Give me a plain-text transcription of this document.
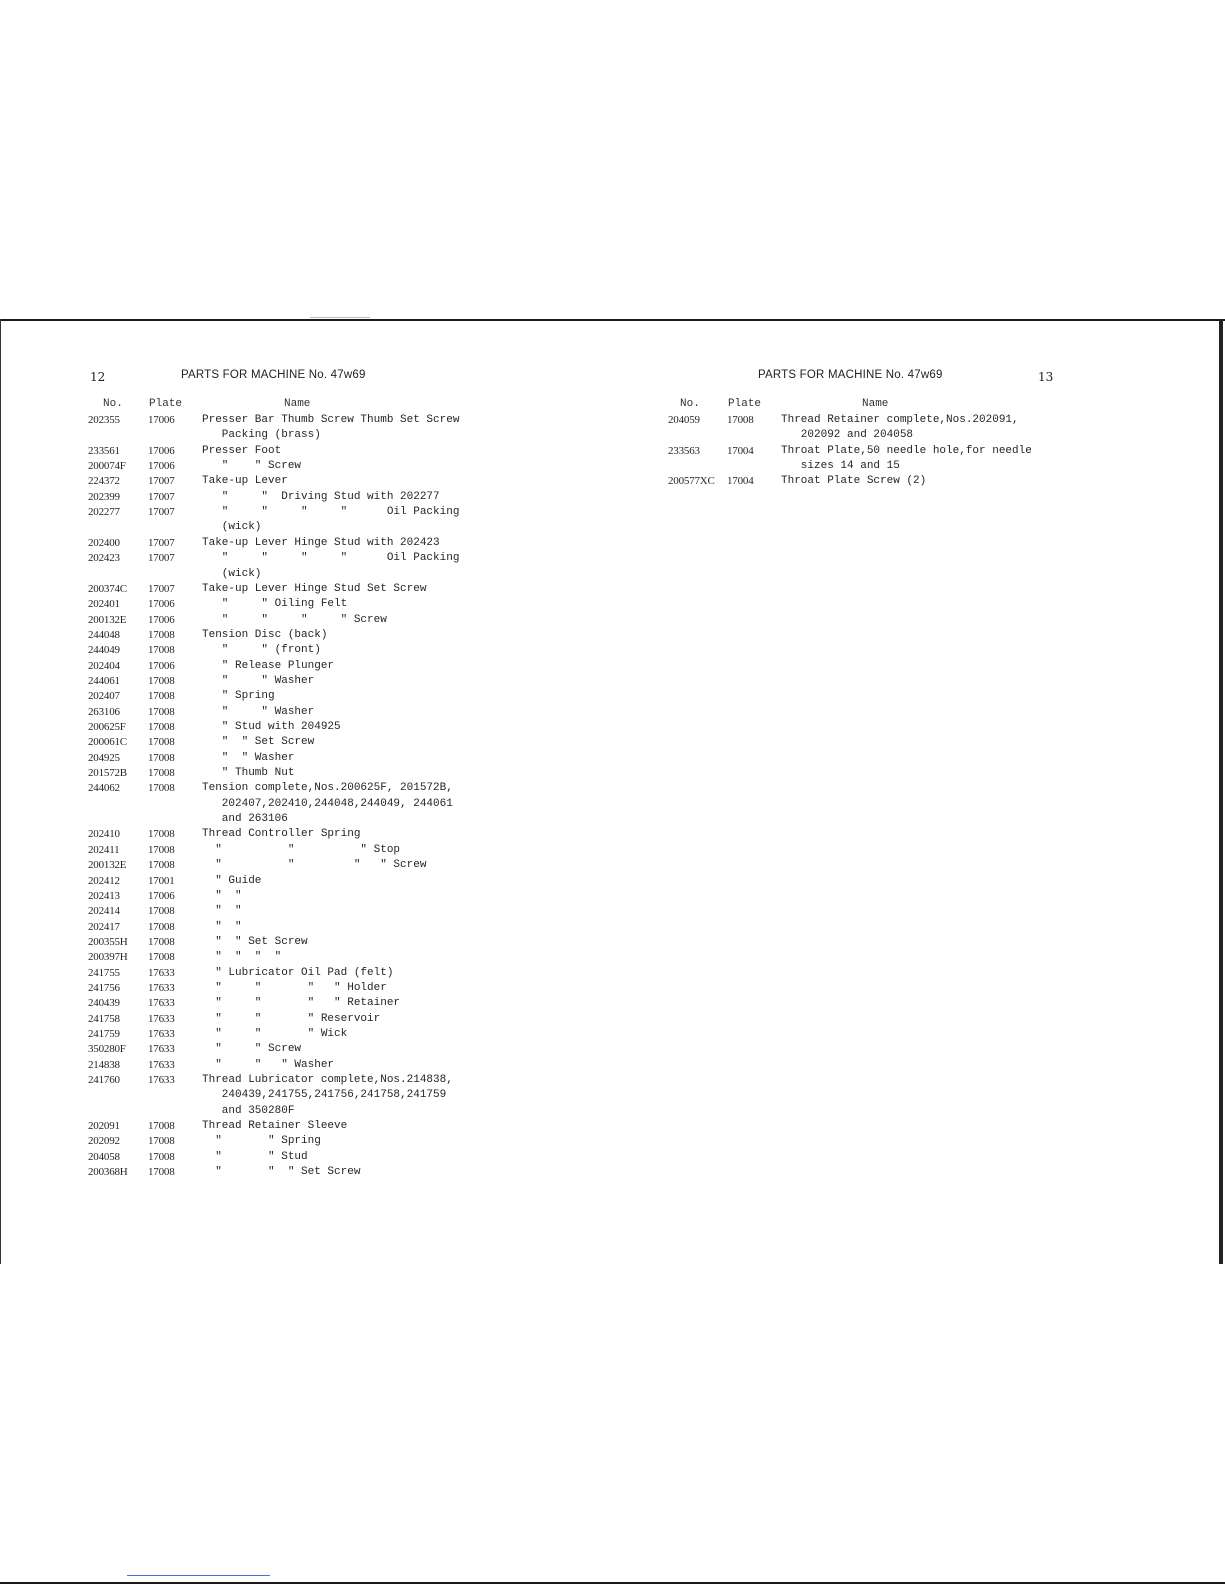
12	PARTS FOR MACHINE No. 47w69
No. Plate	Name
202355	17006 Presser Bar Thumb Screw Thumb Set Screw
Packing (brass)
233561	17006 Presser Foot
200074F 17006 "    " Screw
224372	17007 Take-up Lever
202399	17007 "     "  Driving Stud with 202277
202277	17007 "     "     "     "      Oil Packing
(wick)
202400	17007 Take-up Lever Hinge Stud with 202423
202423	17007 "     "     "     "      Oil Packing
(wick)
200374C 17007 Take-up Lever Hinge Stud Set Screw
202401	17006 "     " Oiling Felt
200132E 17006 "     "     "     " Screw
244048	17008 Tension Disc (back)
244049	17008 "     " (front)
202404	17006 " Release Plunger
244061	17008 "     " Washer
202407	17008 " Spring
263106	17008 "     " Washer
200625F 17008 " Stud with 204925
200061C 17008 "  " Set Screw
204925	17008 "  " Washer
201572B 17008 " Thumb Nut
244062	17008 Tension complete,Nos.200625F, 201572B,
202407,202410,244048,244049, 244061
and 263106
202410	17008 Thread Controller Spring
202411	17008 "          "          " Stop
200132E 17008 "          "         "   " Screw
202412	17001 " Guide
202413	17006 "  "
202414	17008 "  "
202417	17008 "  "
200355H 17008 "  " Set Screw
200397H 17008 "  "  "  "
241755	17633 " Lubricator Oil Pad (felt)
241756	17633 "     "       "   " Holder
240439	17633 "     "       "   " Retainer
241758	17633 "     "       " Reservoir
241759	17633 "     "       " Wick
350280F 17633 "     " Screw
214838	17633 "     "   " Washer
241760	17633 Thread Lubricator complete,Nos.214838,
240439,241755,241756,241758,241759
and 350280F
202091	17008 Thread Retainer Sleeve
202092	17008 "       " Spring
204058	17008 "       " Stud
200368H 17008 "       "  " Set Screw
PARTS FOR MACHINE No. 47w69	13
No.	Plate	Name
204059 17008 Thread Retainer complete,Nos.202091,
202092 and 204058
233563 17004 Throat Plate,50 needle hole,for needle
sizes 14 and 15
200577XC 17004 Throat Plate Screw (2)
